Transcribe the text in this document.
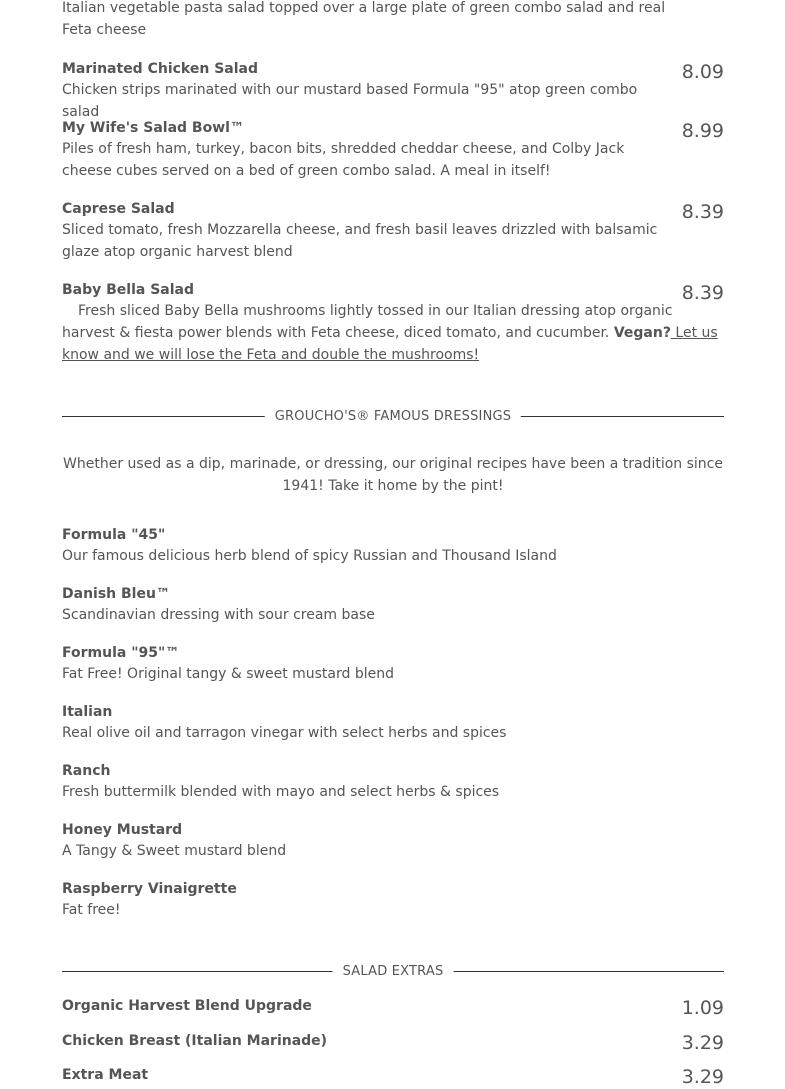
Italian vegetable pasta salad topped over a large plate of green combo salad and real Feta cheese
Marinated Chicken Salad
Chicken strips marinated with our mustard based Formula "95" atop green combo salad
8.09
My Wife's Salad Bowl™
Piles of fresh ham, turkey, bacon bits, shredded cheddar cheese, and Colby Jack cheese cubes served on a bed of green combo salad. A meal in itself!
8.99
Caprese Salad
Sliced tomato, fresh Mozzarella cheese, and fresh basil leaves drizzled with balsamic glaze atop organic harvest blend
8.39
Baby Bella Salad
Fresh sliced Baby Bella mushrooms lightly tossed in our Italian dressing atop organic harvest & fiesta power blends with Feta cheese, diced tomato, and cucumber. Vegan? Let us know and we will lose the Feta and double the mushrooms!
8.39
GROUCHO'S® FAMOUS DRESSINGS
Whether used as a dip, marinade, or dressing, our original recipes have been a tradition since 1941! Take it home by the pint!
Formula "45"
Our famous delicious herb blend of spicy Russian and Thousand Island
Danish Bleu™
Scandinavian dressing with sour cream base
Formula "95"™
Fat Free! Original tangy & sweet mustard blend
Italian
Real olive oil and tarragon vinegar with select herbs and spices
Ranch
Fresh buttermilk blended with mayo and select herbs & spices
Honey Mustard
A Tangy & Sweet mustard blend
Raspberry Vinaigrette
Fat free!
SALAD EXTRAS
Organic Harvest Blend Upgrade	1.09
Chicken Breast (Italian Marinade)	3.29
Extra Meat	3.29
